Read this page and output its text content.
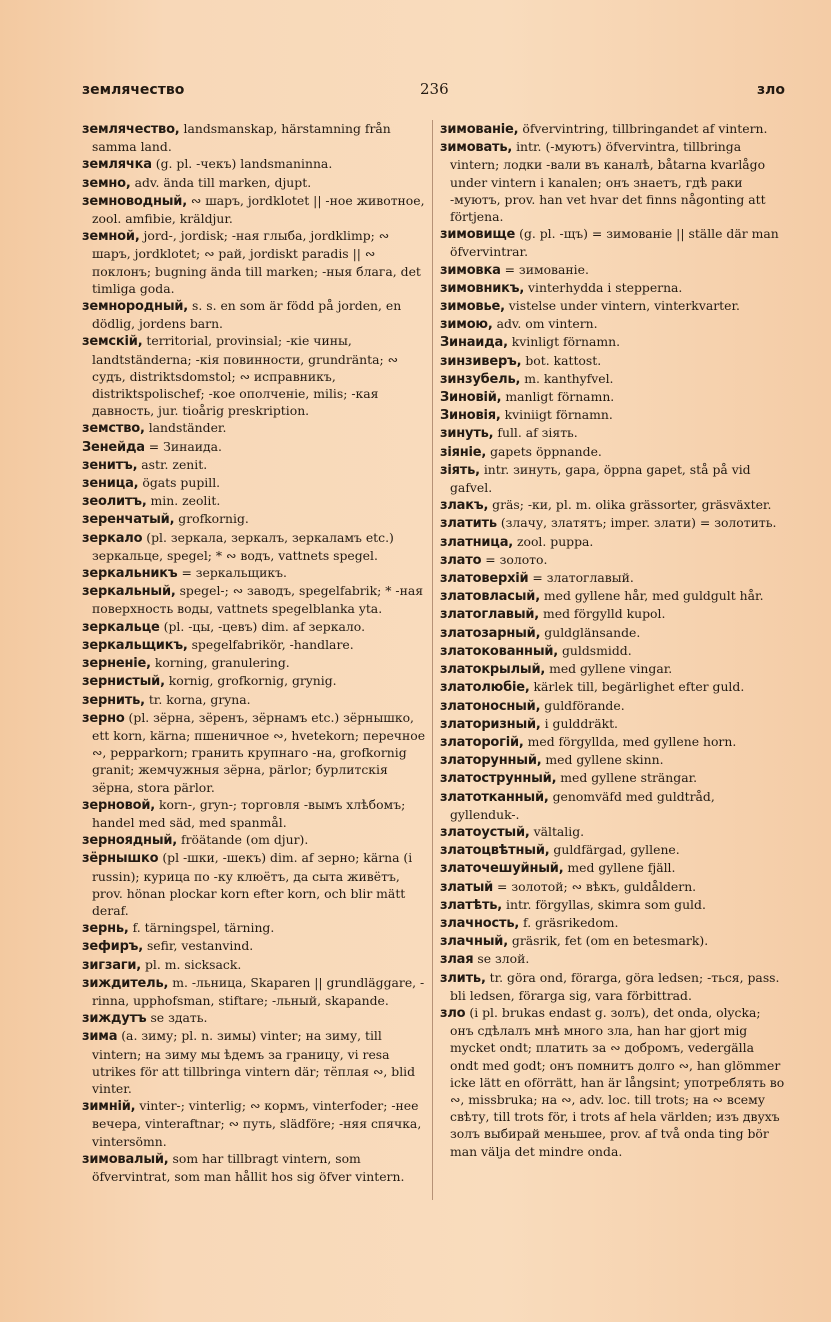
землячество	236	зло

землячество, landsmanskap, härstamning från samma land.

землячка (g. pl. -чекъ) landsmaninna.

земно, adv. ända till marken, djupt.

земноводный, ∾ шаръ, jordklotet || -ное животное, zool. amfibie, kräldjur.

земной, jord-, jordisk; -ная глыба, jordklimp; ∾ шаръ, jordklotet; ∾ рай, jordiskt paradis || ∾ поклонъ; bugning ända till marken; -ныя блага, det timliga goda.

земнородный, s. s. en som är född på jorden, en dödlig, jordens barn.

земскій, territorial, provinsial; -кіе чины, landtständerna; -кія повинности, grundränta; ∾ судъ, distriktsdomstol; ∾ исправникъ, distriktspolischef; -кое ополченіе, milis; -кая давность, jur. tioårig preskription.

земство, landständer.

Зенейда = Зинаида.

зенитъ, astr. zenit.

зеница, ögats pupill.

зеолитъ, min. zeolit.

зеренчатый, grofkornig.

зеркало (pl. зеркала, зеркалъ, зеркаламъ etc.) зеркальце, spegel; * ∾ водъ, vattnets spegel.

зеркальникъ = зеркальщикъ.

зеркальный, spegel-; ∾ заводъ, spegelfabrik; * -ная поверхность воды, vattnets spegelblanka yta.

зеркальце (pl. -цы, -цевъ) dim. af зеркало.

зеркальщикъ, spegelfabrikör, -handlare.

зерненіе, korning, granulering.

зернистый, kornig, grofkornig, grynig.

зернить, tr. korna, gryna.

зерно (pl. зёрна, зёренъ, зёрнамъ etc.) зёрнышко, ett korn, kärna; пшеничное ∾, hvetekorn; перечное ∾, pepparkorn; гранить крупнаго -на, grofkornig granit; жемчужныя зёрна, pärlor; бурлитскія зёрна, stora pärlor.

зерновой, korn-, gryn-; торговля -вымъ хлѣбомъ; handel med säd, med spanmål.

зерноядный, fröätande (om djur).

зёрнышко (pl -шки, -шекъ) dim. af зерно; kärna (i russin); курица по -ку клюётъ, да сыта живётъ, prov. hönan plockar korn efter korn, och blir mätt deraf.

зернь, f. tärningspel, tärning.

зефиръ, sefir, vestanvind.

зигзаги, pl. m. sicksack.

зиждитель, m. -льница, Skaparen || grundläggare, -rinna, upphofsman, stiftare; -льный, skapande.

зиждутъ se здать.

зима (a. зиму; pl. n. зимы) vinter; на зиму, till vintern; на зиму мы ѣдемъ за границу, vi resa utrikes för att tillbringa vintern där; тёплая ∾, blid vinter.

зимній, vinter-; vinterlig; ∾ кормъ, vinterfoder; -нее вечера, vinteraftnar; ∾ путь, slädföre; -няя спячка, vintersömn.

зимовалый, som har tillbragt vintern, som öfvervintrat, som man hållit hos sig öfver vintern.

зимованіе, öfvervintring, tillbringandet af vintern.

зимовать, intr. (-муютъ) öfvervintra, tillbringa vintern; лодки -вали въ каналѣ, båtarna kvarlågo under vintern i kanalen; онъ знаетъ, гдѣ раки -муютъ, prov. han vet hvar det finns någonting att förtjena.

зимовище (g. pl. -щъ) = зимованіе || ställe där man öfvervintrar.

зимовка = зимованіе.

зимовникъ, vinterhydda i stepperna.

зимовье, vistelse under vintern, vinterkvarter.

зимою, adv. om vintern.

Зинаида, kvinligt förnamn.

зинзиверъ, bot. kattost.

зинзубель, m. kanthyfvel.

Зиновій, manligt förnamn.

Зиновія, kviniigt förnamn.

зинуть, full. af зіять.

зіяніе, gapets öppnande.

зіять, intr. зинуть, gapa, öppna gapet, stå på vid gafvel.

злакъ, gräs; -ки, pl. m. olika grässorter, gräsväxter.

златить (злачу, златятъ; imper. злати) = золотить.

златница, zool. puppa.

злато = золото.

златоверхій = златоглавый.

златовласый, med gyllene hår, med guldgult hår.

златоглавый, med förgylld kupol.

златозарный, guldglänsande.

златокованный, guldsmidd.

златокрылый, med gyllene vingar.

златолюбіе, kärlek till, begärlighet efter guld.

златоносный, guldförande.

златоризный, i gulddräkt.

златорогій, med förgyllda, med gyllene horn.

златорунный, med gyllene skinn.

златострунный, med gyllene strängar.

златотканный, genomväfd med guldtråd, gyllenduk-.

златоустый, vältalig.

златоцвѣтный, guldfärgad, gyllene.

златочешуйный, med gyllene fjäll.

златый = золотой; ∾ вѣкъ, guldåldern.

златѣть, intr. förgyllas, skimra som guld.

злачность, f. gräsrikedom.

злачный, gräsrik, fet (om en betesmark).

злая se злой.

злить, tr. göra ond, förarga, göra ledsen; -ться, pass. bli ledsen, förarga sig, vara förbittrad.

зло (i pl. brukas endast g. золъ), det onda, olycka; онъ сдѣлалъ мнѣ много зла, han har gjort mig mycket ondt; платить за ∾ добромъ, vedergälla ondt med godt; онъ помнитъ долго ∾, han glömmer icke lätt en oförrätt, han är långsint; употреблять во ∾, missbruka; на ∾, adv. loc. till trots; на ∾ всему свѣту, till trots för, i trots af hela världen; изъ двухъ золъ выбирай меньшее, prov. af två onda ting bör man välja det mindre onda.
